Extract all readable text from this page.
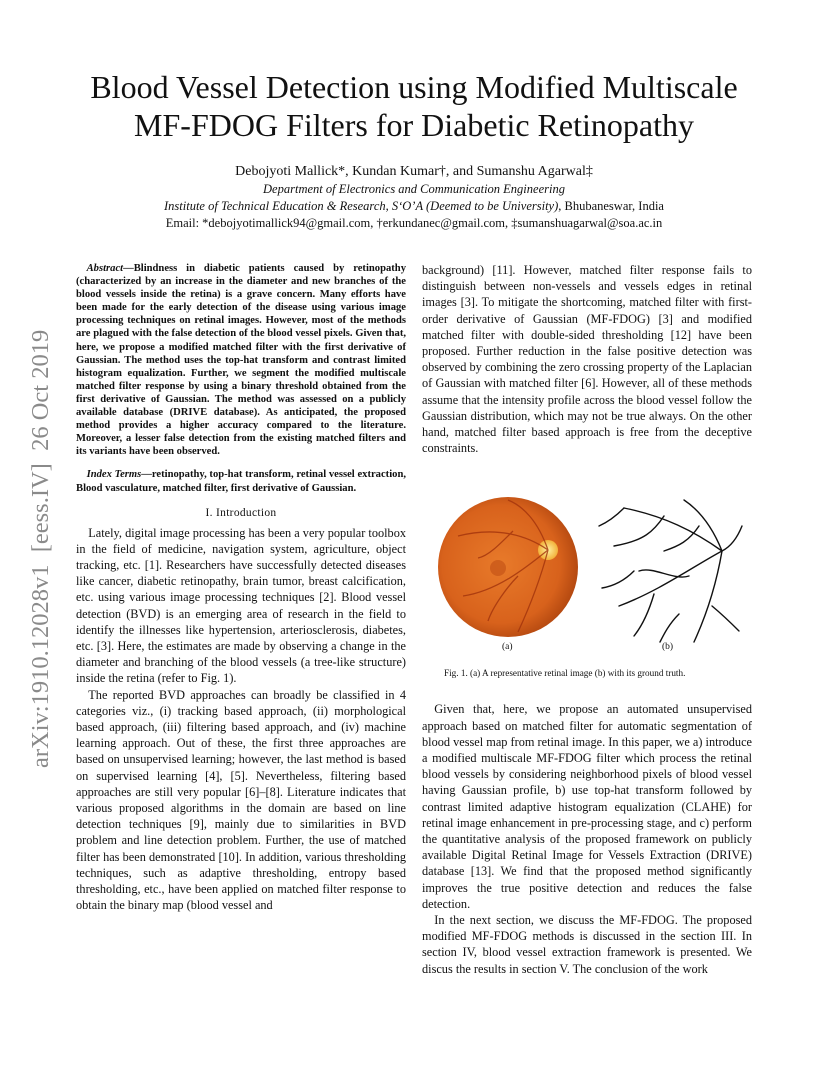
arXiv:1910.12028v1  [eess.IV]  26 Oct 2019
Blood Vessel Detection using Modified Multiscale
MF-FDOG Filters for Diabetic Retinopathy
Debojyoti Mallick*, Kundan Kumar†, and Sumanshu Agarwal‡
Department of Electronics and Communication Engineering
Institute of Technical Education & Research, S‘O’A (Deemed to be University), Bhubaneswar, India
Email: *debojyotimallick94@gmail.com, †erkundanec@gmail.com, ‡sumanshuagarwal@soa.ac.in

Abstract—Blindness in diabetic patients caused by retinopathy (characterized by an increase in the diameter and new branches of the blood vessels inside the retina) is a grave concern. Many efforts have been made for the early detection of the disease using various image processing techniques on retinal images. However, most of the methods are plagued with the false detection of the blood vessel pixels. Given that, here, we propose a modified matched filter with the first derivative of Gaussian. The method uses the top-hat transform and contrast limited histogram equalization. Further, we segment the modified multiscale matched filter response by using a binary threshold obtained from the first derivative of Gaussian. The method was assessed on a publicly available database (DRIVE database). As anticipated, the proposed method provides a higher accuracy compared to the literature. Moreover, a lesser false detection from the existing matched filters and its variants have been observed.

Index Terms—retinopathy, top-hat transform, retinal vessel extraction, Blood vasculature, matched filter, first derivative of Gaussian.

I. Introduction

Lately, digital image processing has been a very popular toolbox in the field of medicine, navigation system, agriculture, object tracking, etc. [1]. Researchers have successfully detected diseases like cancer, diabetic retinopathy, brain tumor, breast calcification, etc. using various image processing techniques [2]. Blood vessel detection (BVD) is an emerging area of research in the field to identify the illnesses like hypertension, arteriosclerosis, diabetes, etc. [3]. Here, the estimates are made by observing a change in the diameter and branching of the blood vessels (a tree-like structure) inside the retina (refer to Fig. 1).

The reported BVD approaches can broadly be classified in 4 categories viz., (i) tracking based approach, (ii) morphological based approach, (iii) filtering based approach, and (iv) machine learning approach. Out of these, the first three approaches are based on unsupervised learning; however, the last method is based on supervised learning [4], [5]. Nevertheless, filtering based approaches are still very popular [6]–[8]. Literature indicates that various proposed algorithms in the domain are based on line detection techniques [9], mainly due to similarities in BVD problem and line detection problem. Further, the use of matched filter has been demonstrated [10]. In addition, various thresholding techniques, such as adaptive thresholding, entropy based thresholding, etc., have been applied on matched filter response to obtain the binary map (blood vessel and

background) [11]. However, matched filter response fails to distinguish between non-vessels and vessels edges in retinal images [3]. To mitigate the shortcoming, matched filter with first-order derivative of Gaussian (MF-FDOG) [3] and modified matched filter with double-sided thresholding [12] have been proposed. Further reduction in the false positive detection was observed by combining the zero crossing property of the Laplacian of Gaussian with matched filter [6]. However, all of these methods assume that the intensity profile across the blood vessel follow the Gaussian distribution, which may not be true always. On the other hand, matched filter based approach is free from the deceptive constraints.

(a)	(b)
Fig. 1. (a) A representative retinal image (b) with its ground truth.

Given that, here, we propose an automated unsupervised approach based on matched filter for automatic segmentation of blood vessel map from retinal image. In this paper, we a) introduce a modified multiscale MF-FDOG filter which process the retinal blood vessels by considering neighborhood pixels of blood vessel having Gaussian profile, b) use top-hat transform followed by contrast limited adaptive histogram equalization (CLAHE) for retinal image enhancement in pre-processing stage, and c) perform the quantitative analysis of the proposed framework on publicly available Digital Retinal Image for Vessels Extraction (DRIVE) database [13]. We find that the proposed method significantly improves the true positive detection and reduces the false detection.

In the next section, we discuss the MF-FDOG. The proposed modified MF-FDOG methods is discussed in the section III. In section IV, blood vessel extraction framework is presented. We discus the results in section V. The conclusion of the work
